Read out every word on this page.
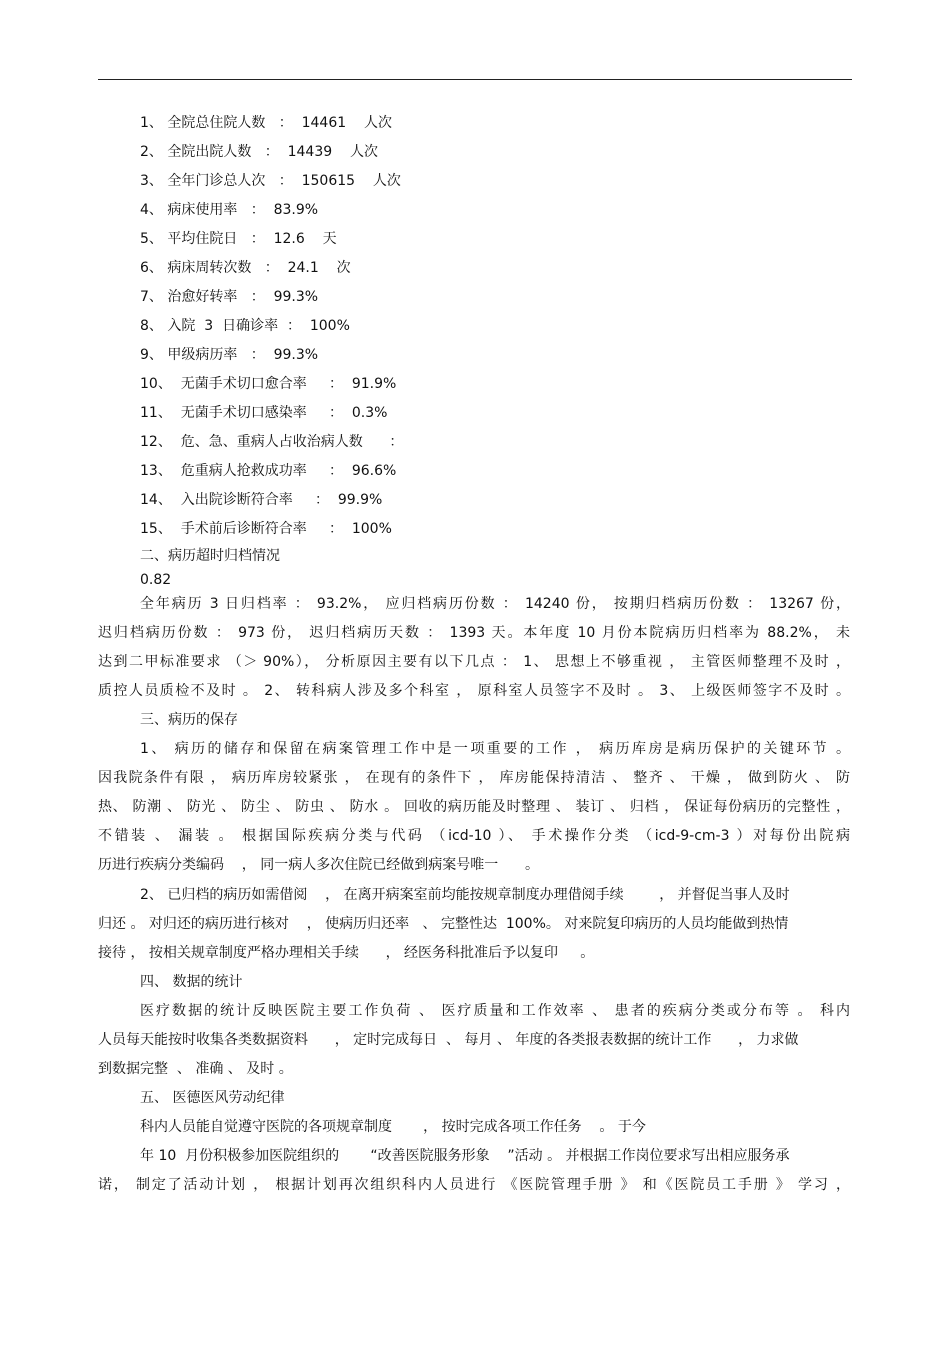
1、 全院总住院人数   ：  14461    人次
2、 全院出院人数   ：  14439    人次
3、 全年门诊总人次   ：  150615    人次
4、 病床使用率   ：  83.9%
5、 平均住院日   ：  12.6    天
6、 病床周转次数   ：  24.1    次
7、 治愈好转率   ：  99.3%
8、 入院  3  日确诊率  ：  100%
9、 甲级病历率   ：  99.3%
10、  无菌手术切口愈合率     ：  91.9%
11、  无菌手术切口感染率     ：  0.3%
12、  危、急、重病人占收治病人数      ：
13、  危重病人抢救成功率     ：  96.6%
14、  入出院诊断符合率     ：  99.9%
15、  手术前后诊断符合率     ：  100%
二、病历超时归档情况
0.82
全年病历 3 日归档率 ： 93.2%， 应归档病历份数 ： 14240 份， 按期归档病历份数 ： 13267 份，
迟归档病历份数 ： 973 份， 迟归档病历天数 ： 1393 天。本年度 10 月份本院病历归档率为 88.2%， 未
达到二甲标准要求 （＞ 90%）， 分析原因主要有以下几点 ： 1、 思想上不够重视 ， 主管医师整理不及时 ，
质控人员质检不及时 。 2、 转科病人涉及多个科室 ， 原科室人员签字不及时 。 3、 上级医师签字不及时 。
三、病历的保存
1、 病历的储存和保留在病案管理工作中是一项重要的工作 ， 病历库房是病历保护的关键环节 。
因我院条件有限 ， 病历库房较紧张 ， 在现有的条件下 ， 库房能保持清洁 、 整齐 、 干燥 ， 做到防火 、 防
热、 防潮 、 防光 、 防尘 、 防虫 、 防水 。 回收的病历能及时整理 、 装订 、 归档 ， 保证每份病历的完整性 ，
不错装 、 漏装 。 根据国际疾病分类与代码 （icd-10 ）、 手术操作分类 （icd-9-cm-3 ）对每份出院病
历进行疾病分类编码    ， 同一病人多次住院已经做到病案号唯一      。
2、 已归档的病历如需借阅    ， 在离开病案室前均能按规章制度办理借阅手续        ， 并督促当事人及时
归还 。 对归还的病历进行核对    ， 使病历归还率   、 完整性达  100%。 对来院复印病历的人员均能做到热情
接待 ， 按相关规章制度严格办理相关手续      ， 经医务科批准后予以复印     。
四、 数据的统计
医疗数据的统计反映医院主要工作负荷 、 医疗质量和工作效率 、 患者的疾病分类或分布等 。 科内
人员每天能按时收集各类数据资料      ， 定时完成每日  、 每月 、 年度的各类报表数据的统计工作      ， 力求做
到数据完整  、 准确 、 及时 。
五、 医德医风劳动纪律
科内人员能自觉遵守医院的各项规章制度       ， 按时完成各项工作任务    。 于今
年 10  月份积极参加医院组织的       “改善医院服务形象    ”活动 。 并根据工作岗位要求写出相应服务承
诺， 制定了活动计划 ， 根据计划再次组织科内人员进行 《医院管理手册 》 和《医院员工手册 》 学习 ，
